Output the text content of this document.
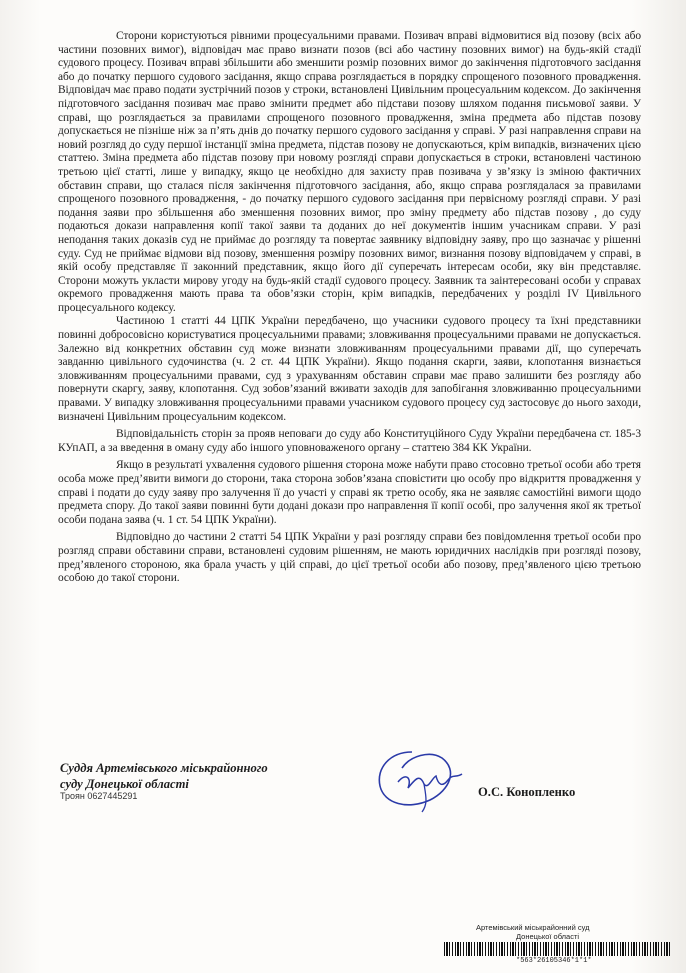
Сторони користуються рівними процесуальними правами. Позивач вправі відмовитися від позову (всіх або частини позовних вимог), відповідач має право визнати позов (всі або частину позовних вимог) на будь-якій стадії судового процесу. Позивач вправі збільшити або зменшити розмір позовних вимог до закінчення підготовчого засідання або до початку першого судового засідання, якщо справа розглядається в порядку спрощеного позовного провадження. Відповідач має право подати зустрічний позов у строки, встановлені Цивільним процесуальним кодексом. До закінчення підготовчого засідання позивач має право змінити предмет або підстави позову шляхом подання письмової заяви. У справі, що розглядається за правилами спрощеного позовного провадження, зміна предмета або підстав позову допускається не пізніше ніж за п’ять днів до початку першого судового засідання у справі. У разі направлення справи на новий розгляд до суду першої інстанції зміна предмета, підстав позову не допускаються, крім випадків, визначених цією статтею. Зміна предмета або підстав позову при новому розгляді справи допускається в строки, встановлені частиною третьою цієї статті, лише у випадку, якщо це необхідно для захисту прав позивача у зв’язку із зміною фактичних обставин справи, що сталася після закінчення підготовчого засідання, або, якщо справа розглядалася за правилами спрощеного позовного провадження, - до початку першого судового засідання при первісному розгляді справи. У разі подання заяви про збільшення або зменшення позовних вимог, про зміну предмету або підстав позову , до суду подаються докази направлення копії такої заяви та доданих до неї документів іншим учасникам справи. У разі неподання таких доказів суд не приймає до розгляду та повертає заявнику відповідну заяву, про що зазначає у рішенні суду. Суд не приймає відмови від позову, зменшення розміру позовних вимог, визнання позову відповідачем у справі, в якій особу представляє її законний представник, якщо його дії суперечать інтересам особи, яку він представляє. Сторони можуть укласти мирову угоду на будь-якій стадії судового процесу. Заявник та заінтересовані особи у справах окремого провадження мають права та обов’язки сторін, крім випадків, передбачених у розділі IV Цивільного процесуального кодексу.

Частиною 1 статті 44 ЦПК України передбачено, що учасники судового процесу та їхні представники повинні добросовісно користуватися процесуальними правами; зловживання процесуальними правами не допускається. Залежно від конкретних обставин суд може визнати зловживанням процесуальними правами дії, що суперечать завданню цивільного судочинства (ч. 2 ст. 44 ЦПК України). Якщо подання скарги, заяви, клопотання визнається зловживанням процесуальними правами, суд з урахуванням обставин справи має право залишити без розгляду або повернути скаргу, заяву, клопотання. Суд зобов’язаний вживати заходів для запобігання зловживанню процесуальними правами. У випадку зловживання процесуальними правами учасником судового процесу суд застосовує до нього заходи, визначені Цивільним процесуальним кодексом.

Відповідальність сторін за прояв неповаги до суду або Конституційного Суду України передбачена ст. 185-3 КУпАП, а за введення в оману суду або іншого уповноваженого органу – статтею 384 КК України.

Якщо в результаті ухвалення судового рішення сторона може набути право стосовно третьої особи або третя особа може пред’явити вимоги до сторони, така сторона зобов’язана сповістити цю особу про відкриття провадження у справі і подати до суду заяву про залучення її до участі у справі як третю особу, яка не заявляє самостійні вимоги щодо предмета спору. До такої заяви повинні бути додані докази про направлення її копії особі, про залучення якої як третьої особи подана заява (ч. 1 ст. 54 ЦПК України).

Відповідно до частини 2 статті 54 ЦПК України у разі розгляду справи без повідомлення третьої особи про розгляд справи обставини справи, встановлені судовим рішенням, не мають юридичних наслідків при розгляді позову, пред’явленого стороною, яка брала участь у цій справі, до цієї третьої особи або позову, пред’явленого цією третьою особою до такої сторони.

Суддя Артемівського міськрайонного
суду Донецької області
Троян 0627445291	О.С. Конопленко
Артемівський міськрайонний суд
Донецької області
*563*26105346*1*1*
